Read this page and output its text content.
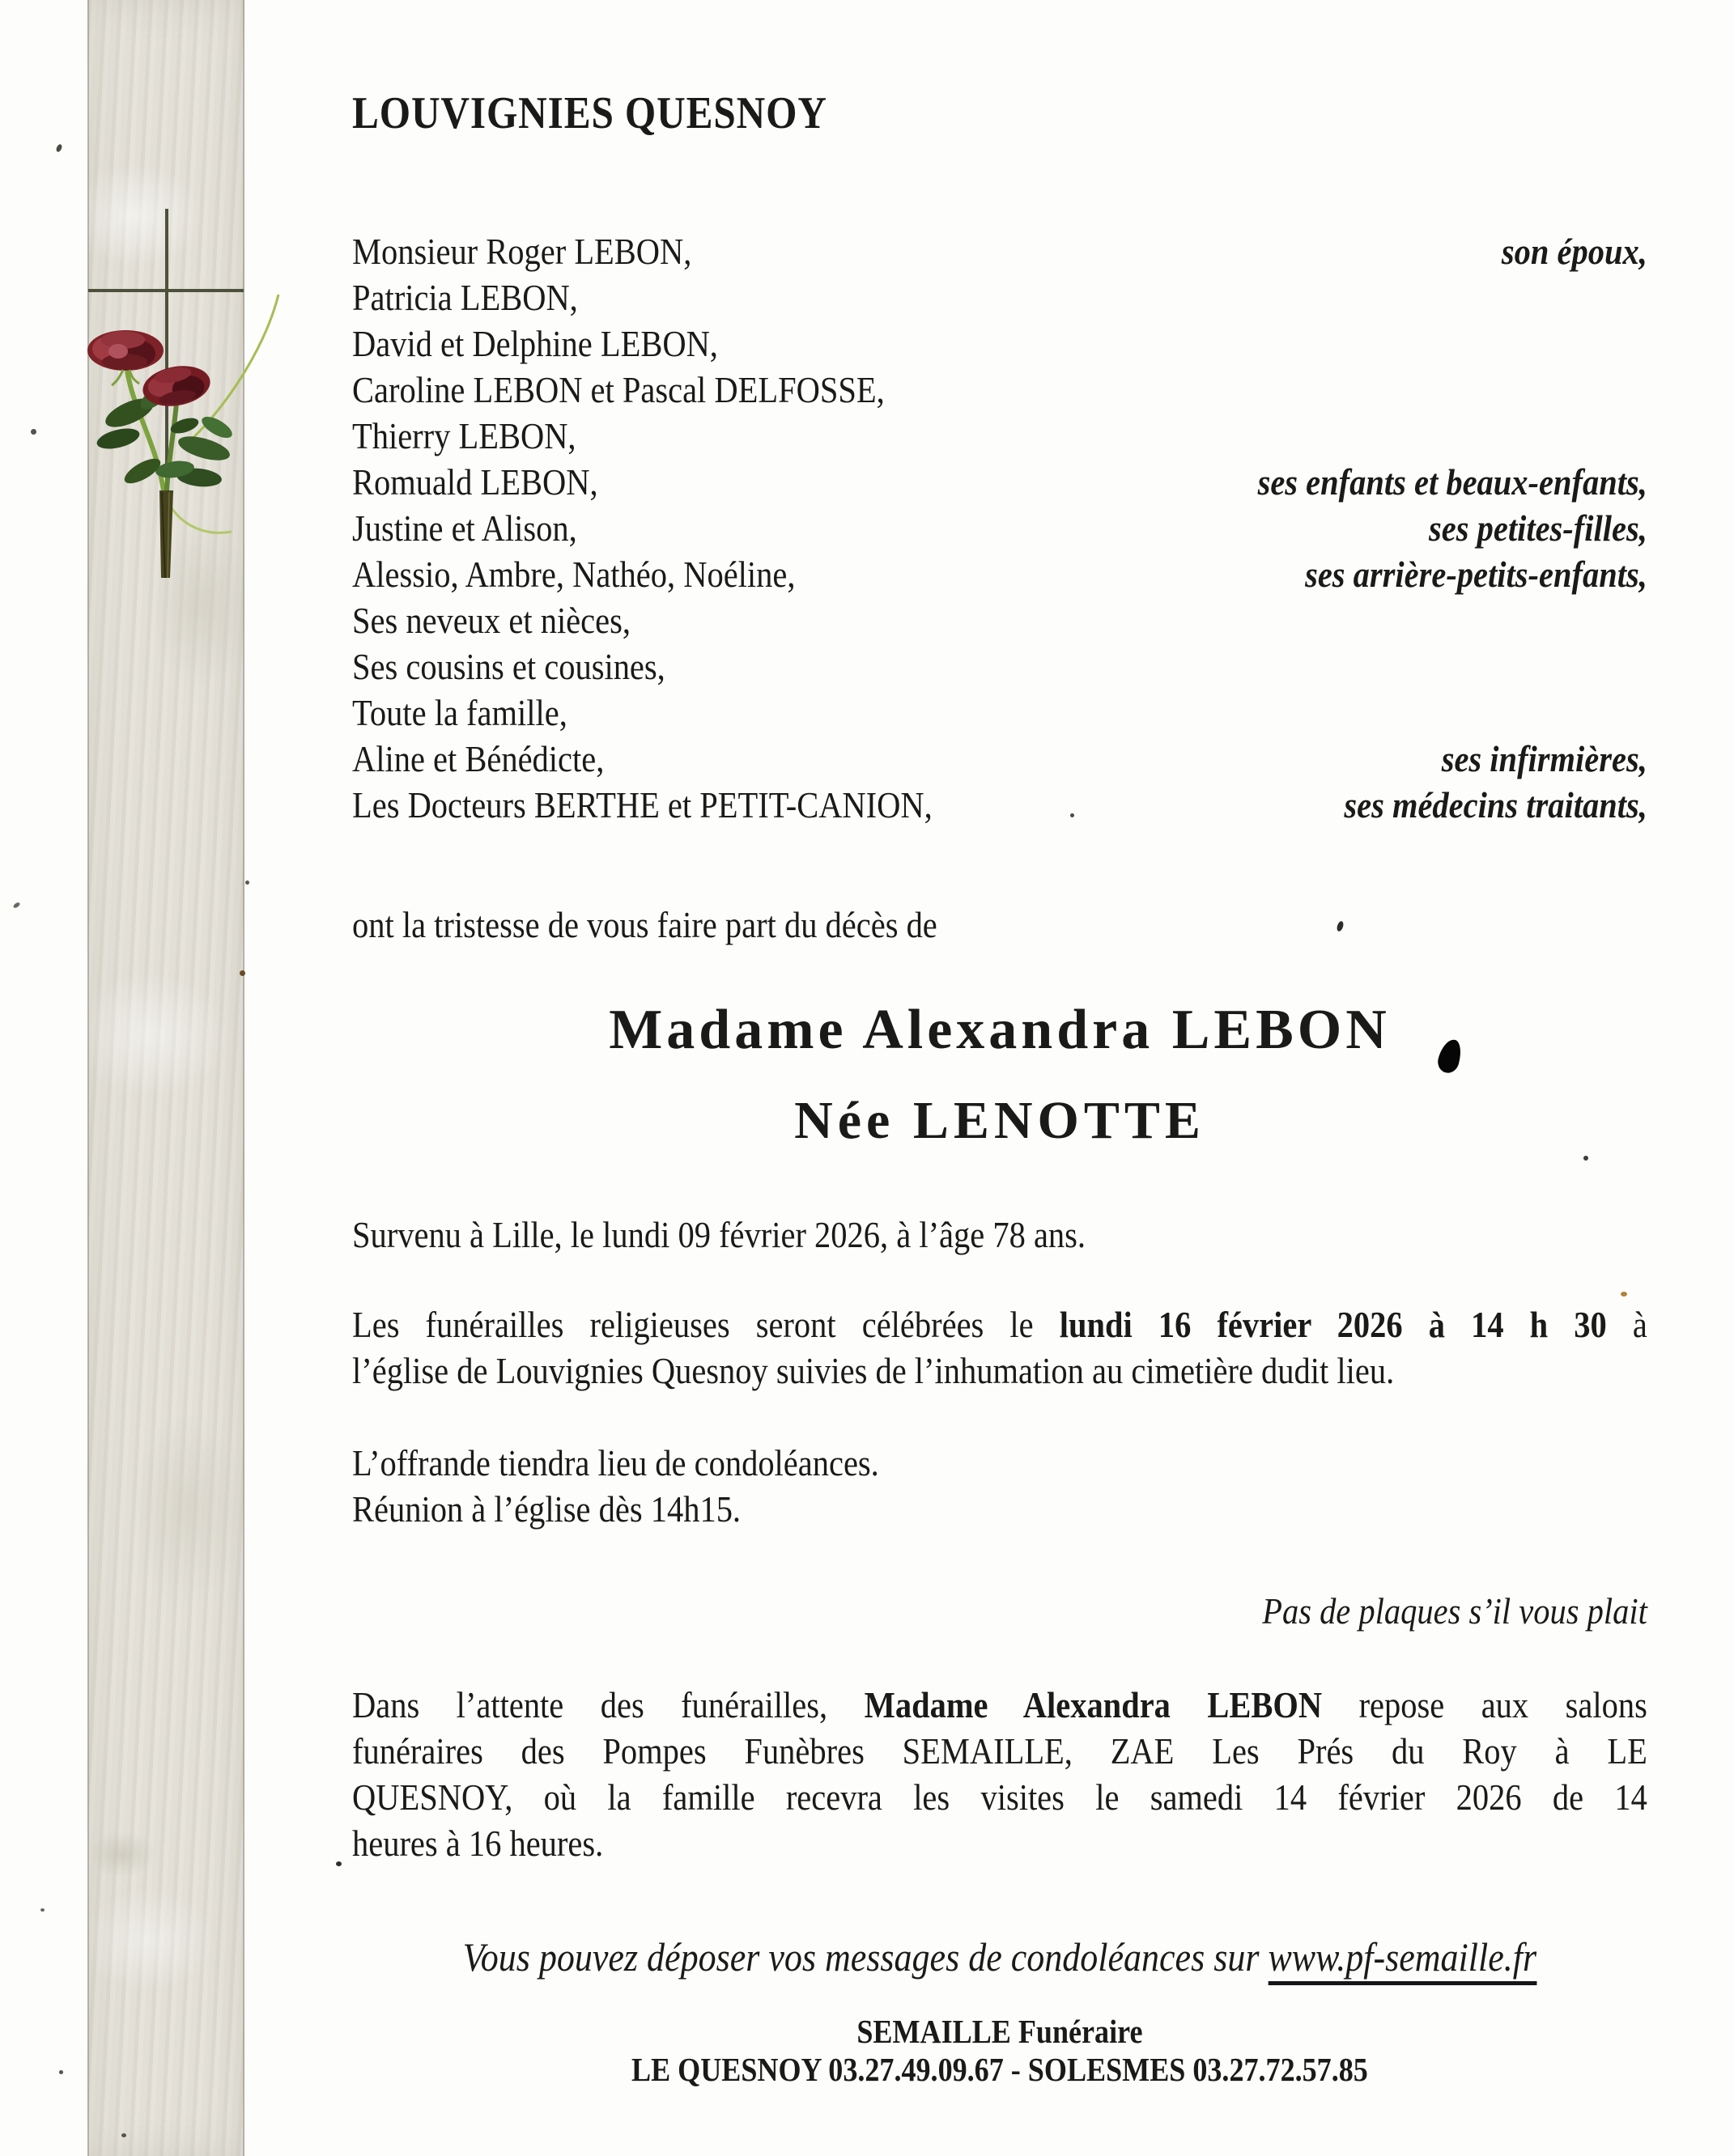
LOUVIGNIES QUESNOY
Monsieur Roger LEBON,	son époux,
Patricia LEBON,
David et Delphine LEBON,
Caroline LEBON et Pascal DELFOSSE,
Thierry LEBON,
Romuald LEBON,	ses enfants et beaux-enfants,
Justine et Alison,	ses petites-filles,
Alessio, Ambre, Nathéo, Noéline,	ses arrière-petits-enfants,
Ses neveux et nièces,
Ses cousins et cousines,
Toute la famille,
Aline et Bénédicte,	ses infirmières,
Les Docteurs BERTHE et PETIT-CANION,	ses médecins traitants,
ont la tristesse de vous faire part du décès de
Survenu à Lille, le lundi 09 février 2026, à l’âge 78 ans.
Les funérailles religieuses seront célébrées le lundi 16 février 2026 à 14 h 30 à
l’église de Louvignies Quesnoy suivies de l’inhumation au cimetière dudit lieu.
L’offrande tiendra lieu de condoléances.
Réunion à l’église dès 14h15.
Pas de plaques s’il vous plait
Dans l’attente des funérailles, Madame Alexandra LEBON repose aux salons
funéraires des Pompes Funèbres SEMAILLE, ZAE Les Prés du Roy à LE
QUESNOY, où la famille recevra les visites le samedi 14 février 2026 de 14
heures à 16 heures.
Vous pouvez déposer vos messages de condoléances sur www.pf-semaille.fr
SEMAILLE Funéraire
LE QUESNOY 03.27.49.09.67 - SOLESMES 03.27.72.57.85
Madame Alexandra LEBON
Née LENOTTE
